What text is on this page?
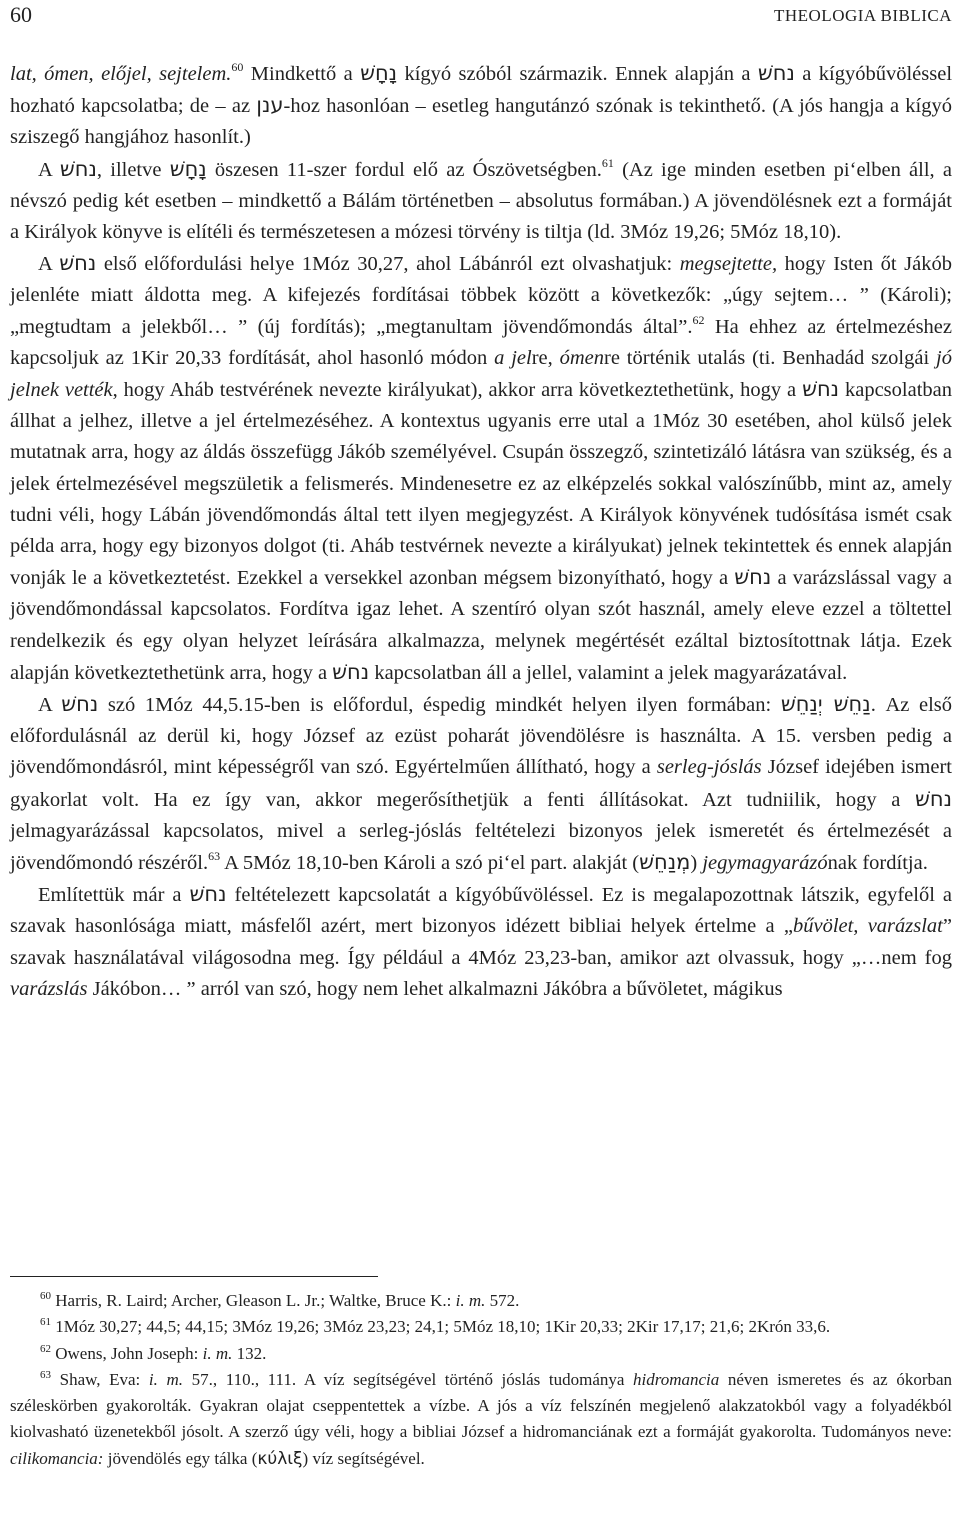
60	THEOLOGIA BIBLICA

lat, ómen, előjel, sejtelem.$^{60}$ Mindkettő a נָחָשׁ kígyó szóból származik. Ennek alapján a נחשׁ a kígyóbűvöléssel hozható kapcsolatba; de – az ענן-hoz hasonlóan – esetleg hangutánzó szónak is tekinthető. (A jós hangja a kígyó sziszegő hangjához hasonlít.)

A נחשׁ, illetve נָחָשׁ öszesen 11-szer fordul elő az Ószövetségben.$^{61}$ (Az ige minden esetben pi‘elben áll, a névszó pedig két esetben – mindkettő a Bálám történetben – absolutus formában.) A jövendölésnek ezt a formáját a Királyok könyve is elítéli és természetesen a mózesi törvény is tiltja (ld. 3Móz 19,26; 5Móz 18,10).

A נחשׁ első előfordulási helye 1Móz 30,27, ahol Lábánról ezt olvashatjuk: megsejtette, hogy Isten őt Jákób jelenléte miatt áldotta meg. A kifejezés fordításai többek között a következők: „úgy sejtem… ” (Károli); „megtudtam a jelekből… ” (új fordítás); „megtanultam jövendőmondás által”.$^{62}$ Ha ehhez az értelmezéshez kapcsoljuk az 1Kir 20,33 fordítását, ahol hasonló módon a jelre, ómenre történik utalás (ti. Benhadád szolgái jó jelnek vették, hogy Aháb testvérének nevezte királyukat), akkor arra következtethetünk, hogy a נחשׁ kapcsolatban állhat a jelhez, illetve a jel értelmezéséhez. A kontextus ugyanis erre utal a 1Móz 30 esetében, ahol külső jelek mutatnak arra, hogy az áldás összefügg Jákób személyével. Csupán összegző, szintetizáló látásra van szükség, és a jelek értelmezésével megszületik a felismerés. Mindenesetre ez az elképzelés sokkal valószínűbb, mint az, amely tudni véli, hogy Lábán jövendőmondás által tett ilyen megjegyzést. A Királyok könyvének tudósítása ismét csak példa arra, hogy egy bizonyos dolgot (ti. Aháb testvérnek nevezte a királyukat) jelnek tekintettek és ennek alapján vonják le a következtetést. Ezekkel a versekkel azonban mégsem bizonyítható, hogy a נחשׁ a varázslással vagy a jövendőmondással kapcsolatos. Fordítva igaz lehet. A szentíró olyan szót használ, amely eleve ezzel a töltettel rendelkezik és egy olyan helyzet leírására alkalmazza, melynek megértését ezáltal biztosítottnak látja. Ezek alapján következtethetünk arra, hogy a נחשׁ kapcsolatban áll a jellel, valamint a jelek magyarázatával.

A נחשׁ szó 1Móz 44,5.15-ben is előfordul, éspedig mindkét helyen ilyen formában: נַחֵשׁ יְנַחֵשׁ. Az első előfordulásnál az derül ki, hogy József az ezüst poharát jövendölésre is használta. A 15. versben pedig a jövendőmondásról, mint képességről van szó. Egyértelműen állítható, hogy a serleg-jóslás József idejében ismert gyakorlat volt. Ha ez így van, akkor megerősíthetjük a fenti állításokat. Azt tudniilik, hogy a נחשׁ jelmagyarázással kapcsolatos, mivel a serleg-jóslás feltételezi bizonyos jelek ismeretét és értelmezését a jövendőmondó részéről.$^{63}$ A 5Móz 18,10-ben Károli a szó pi‘el part. alakját (מְנַחֵשׁ) jegymagyarázónak fordítja.

Említettük már a נחשׁ feltételezett kapcsolatát a kígyóbűvöléssel. Ez is megalapozottnak látszik, egyfelől a szavak hasonlósága miatt, másfelől azért, mert bizonyos idézett bibliai helyek értelme a „bűvölet, varázslat” szavak használatával világosodna meg. Így például a 4Móz 23,23-ban, amikor azt olvassuk, hogy „…nem fog varázslás Jákóbon… ” arról van szó, hogy nem lehet alkalmazni Jákóbra a bűvöletet, mágikus

$^{60}$ Harris, R. Laird; Archer, Gleason L. Jr.; Waltke, Bruce K.: i. m. 572.

$^{61}$ 1Móz 30,27; 44,5; 44,15; 3Móz 19,26; 3Móz 23,23; 24,1; 5Móz 18,10; 1Kir 20,33; 2Kir 17,17; 21,6; 2Krón 33,6.

$^{62}$ Owens, John Joseph: i. m. 132.

$^{63}$ Shaw, Eva: i. m. 57., 110., 111. A víz segítségével történő jóslás tudománya hidromancia néven ismeretes és az ókorban széleskörben gyakorolták. Gyakran olajat cseppentettek a vízbe. A jós a víz felszínén megjelenő alakzatokból vagy a folyadékból kiolvasható üzenetekből jósolt. A szerző úgy véli, hogy a bibliai József a hidromanciának ezt a formáját gyakorolta. Tudományos neve: cilikomancia: jövendölés egy tálka (κύλιξ) víz segítségével.
